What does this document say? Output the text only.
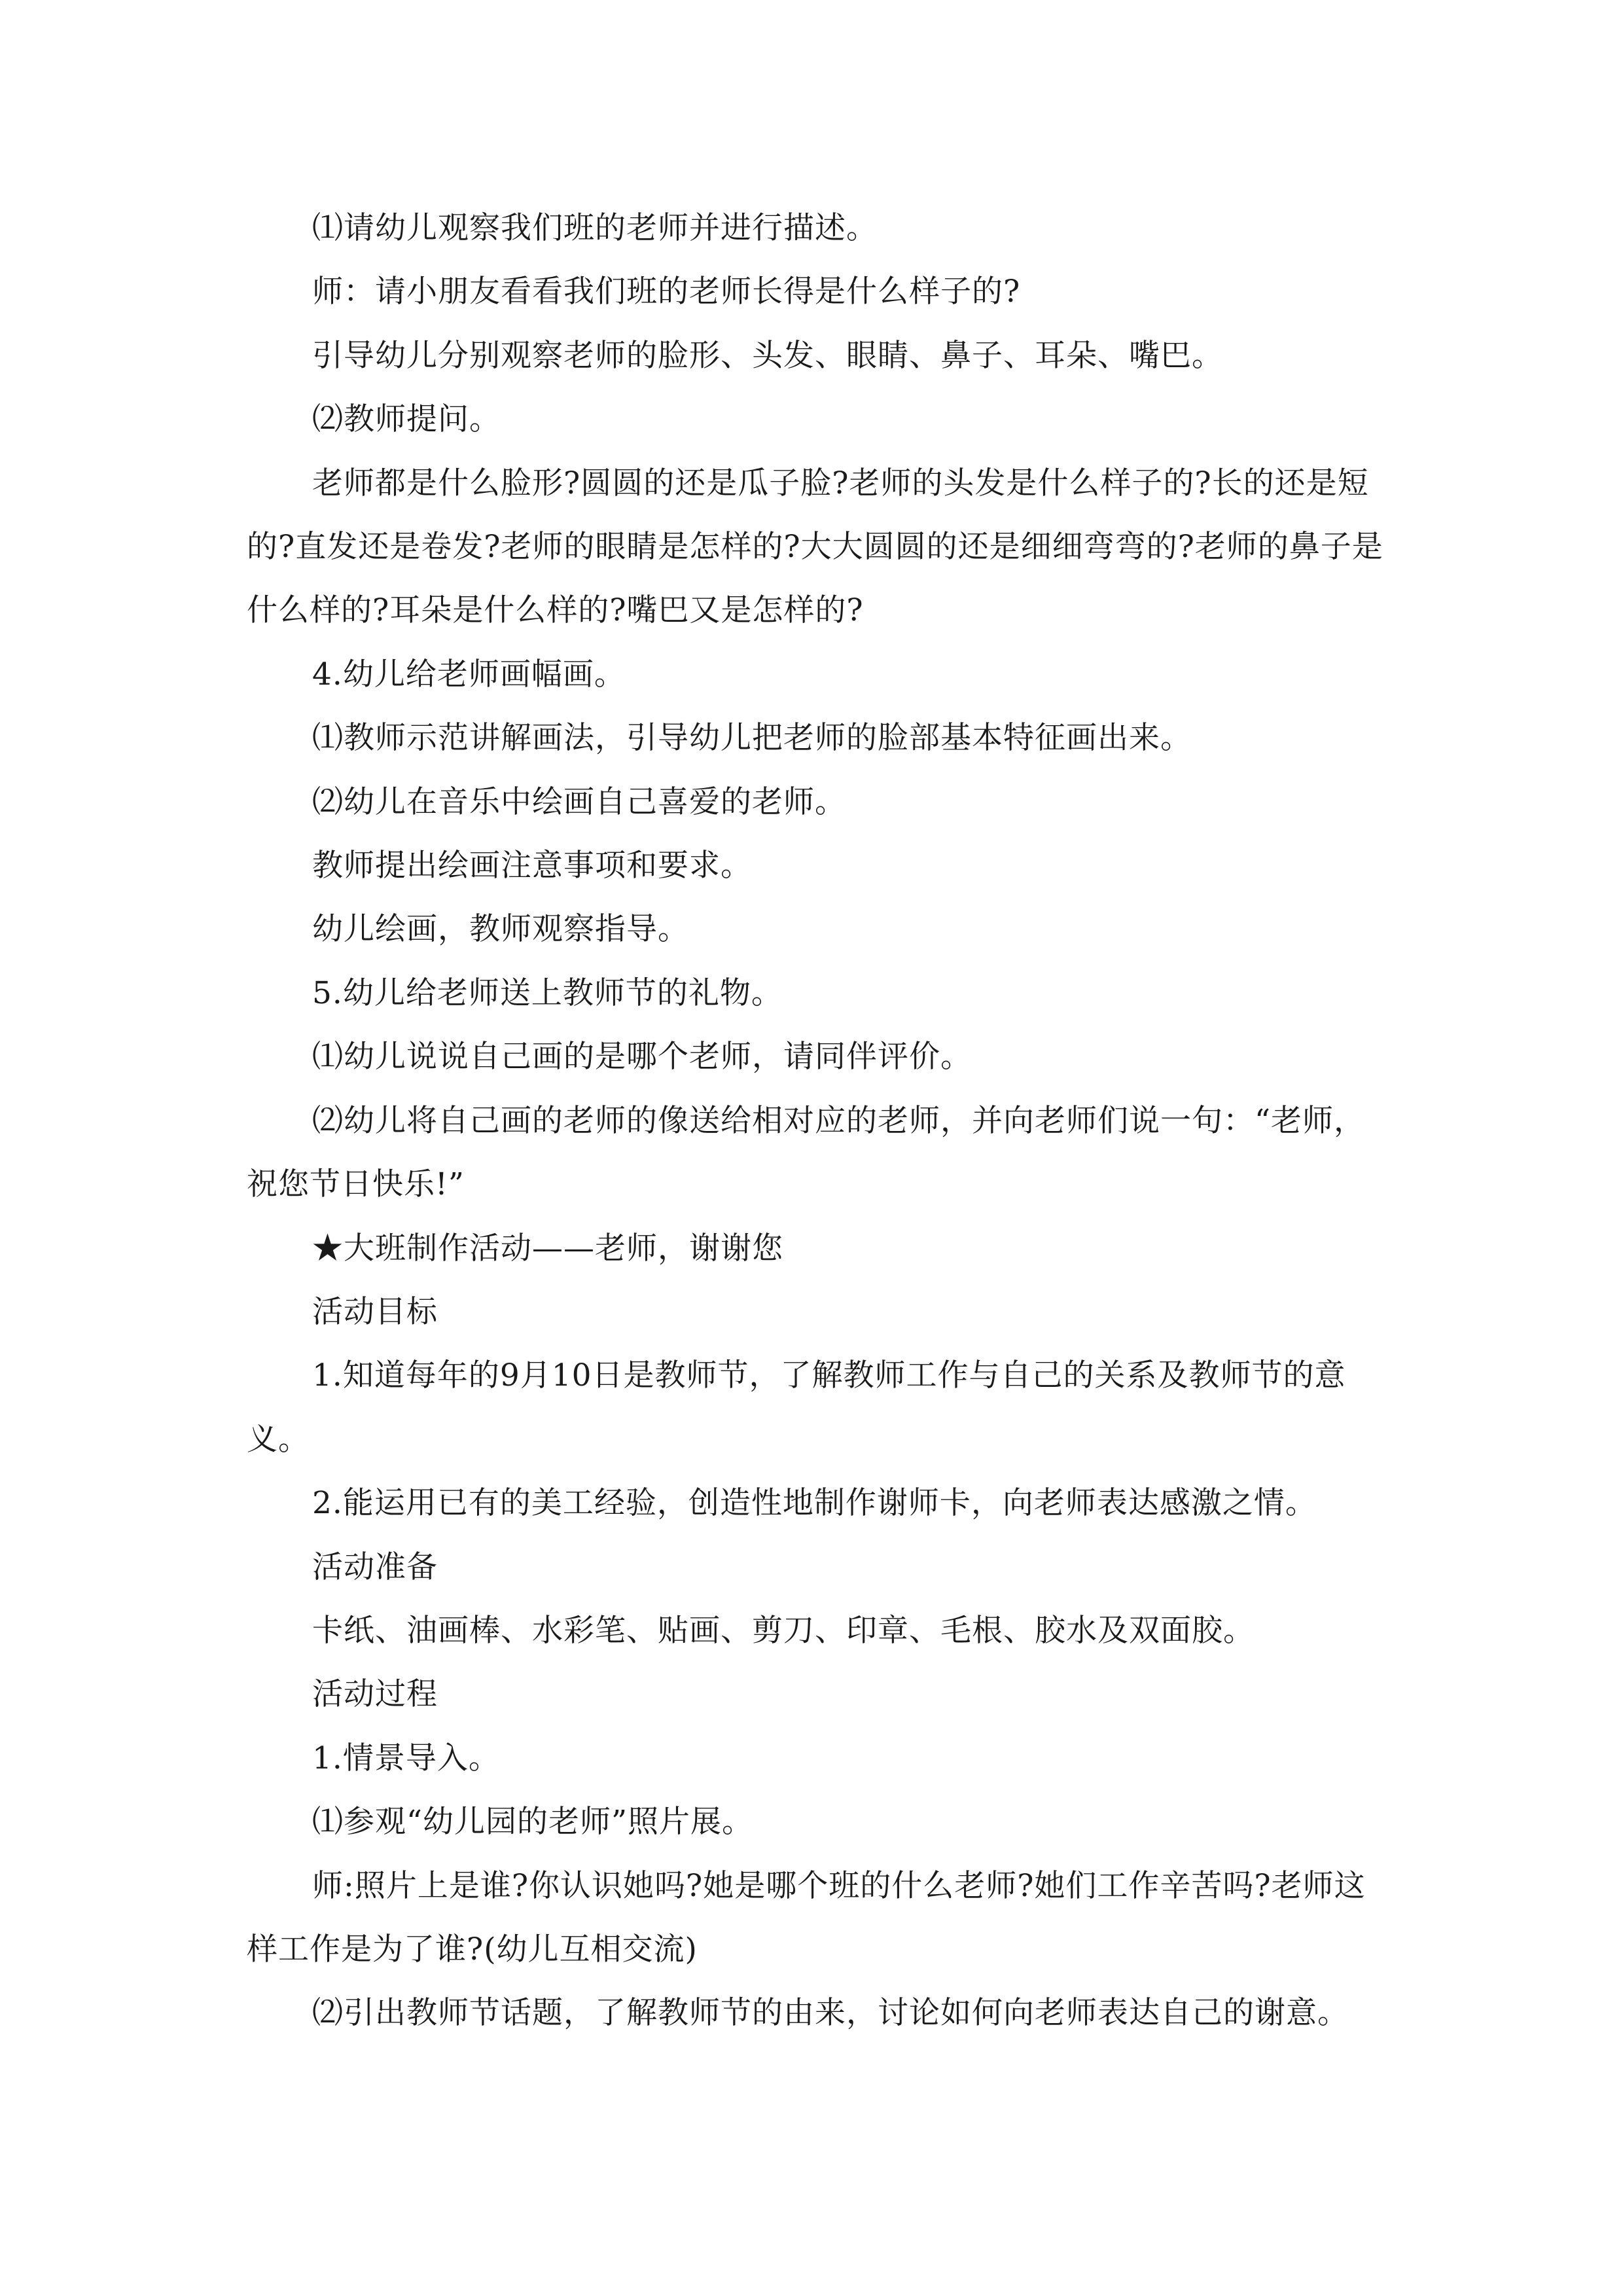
⑴请幼儿观察我们班的老师并进行描述。

师：请小朋友看看我们班的老师长得是什么样子的?

引导幼儿分别观察老师的脸形、头发、眼睛、鼻子、耳朵、嘴巴。

⑵教师提问。

老师都是什么脸形?圆圆的还是瓜子脸?老师的头发是什么样子的?长的还是短的?直发还是卷发?老师的眼睛是怎样的?大大圆圆的还是细细弯弯的?老师的鼻子是什么样的?耳朵是什么样的?嘴巴又是怎样的?

4.幼儿给老师画幅画。

⑴教师示范讲解画法，引导幼儿把老师的脸部基本特征画出来。

⑵幼儿在音乐中绘画自己喜爱的老师。

教师提出绘画注意事项和要求。

幼儿绘画，教师观察指导。

5.幼儿给老师送上教师节的礼物。

⑴幼儿说说自己画的是哪个老师，请同伴评价。

⑵幼儿将自己画的老师的像送给相对应的老师，并向老师们说一句：“老师，祝您节日快乐!”

★大班制作活动——老师，谢谢您

活动目标

1.知道每年的9月10日是教师节，了解教师工作与自己的关系及教师节的意义。

2.能运用已有的美工经验，创造性地制作谢师卡，向老师表达感激之情。

活动准备

卡纸、油画棒、水彩笔、贴画、剪刀、印章、毛根、胶水及双面胶。

活动过程

1.情景导入。

⑴参观“幼儿园的老师”照片展。

师:照片上是谁?你认识她吗?她是哪个班的什么老师?她们工作辛苦吗?老师这样工作是为了谁?(幼儿互相交流)

⑵引出教师节话题，了解教师节的由来，讨论如何向老师表达自己的谢意。
